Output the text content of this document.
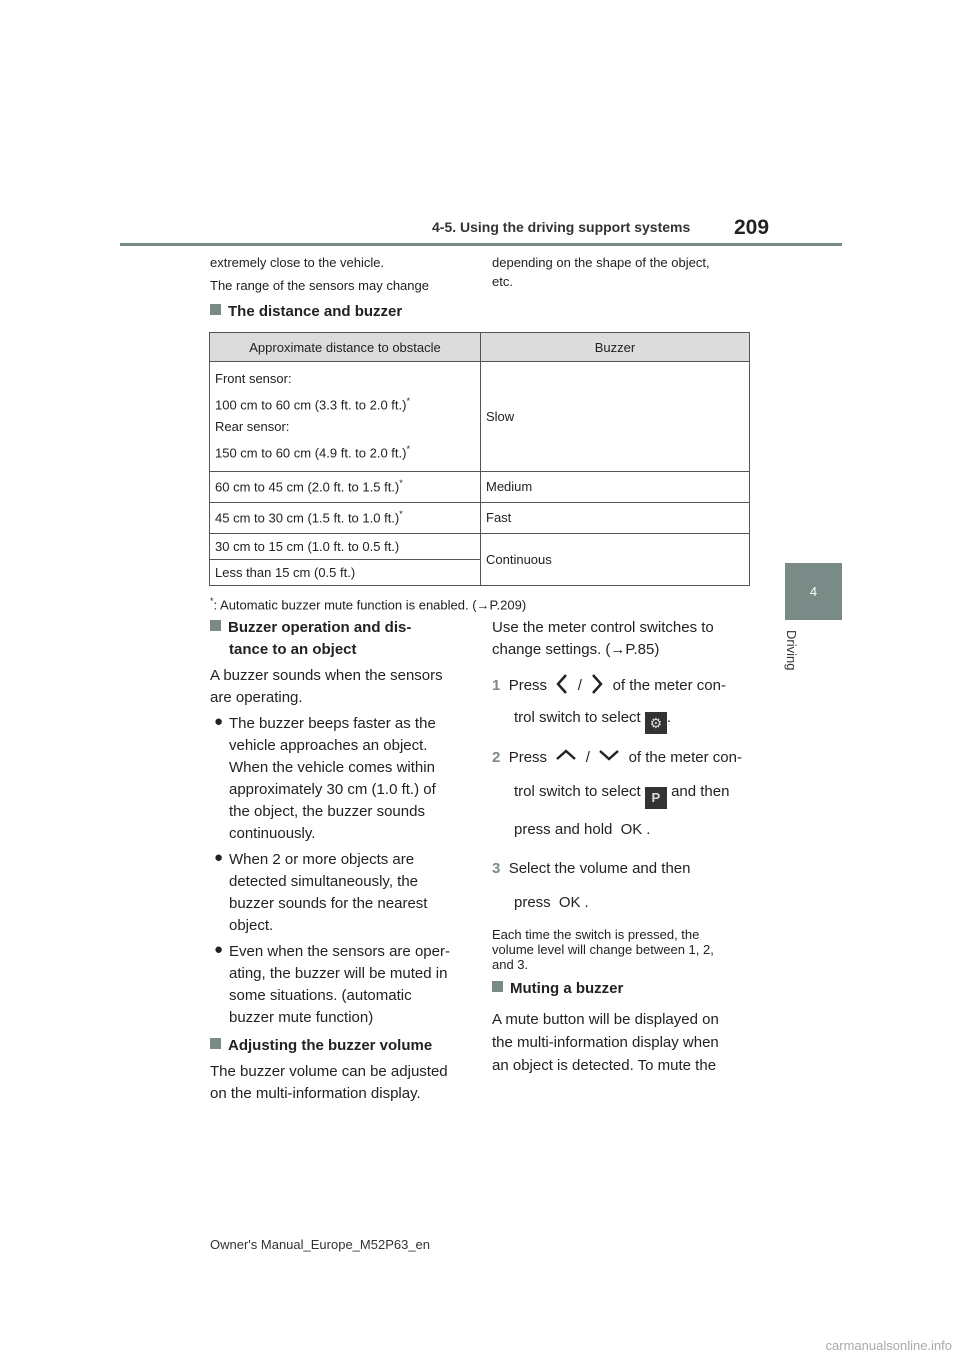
4-5. Using the driving support systems 209
4
Driving
extremely close to the vehicle.
The range of the sensors may change
depending on the shape of the object,
etc.
The distance and buzzer
Approximate distance to obstacle	Buzzer

Front sensor:

100 cm to 60 cm (3.3 ft. to 2.0 ft.)*

Rear sensor:

150 cm to 60 cm (4.9 ft. to 2.0 ft.)*	Slow
60 cm to 45 cm (2.0 ft. to 1.5 ft.)*	Medium
45 cm to 30 cm (1.5 ft. to 1.0 ft.)*	Fast
30 cm to 15 cm (1.0 ft. to 0.5 ft.)	Continuous
Less than 15 cm (0.5 ft.)	
*: Automatic buzzer mute function is enabled. (→P.209)
Buzzer operation and dis-
tance to an object
A buzzer sounds when the sensors
are operating.
● The buzzer beeps faster as the
vehicle approaches an object.
When the vehicle comes within
approximately 30 cm (1.0 ft.) of
the object, the buzzer sounds
continuously.
● When 2 or more objects are
detected simultaneously, the
buzzer sounds for the nearest
object.
● Even when the sensors are oper-
ating, the buzzer will be muted in
some situations. (automatic
buzzer mute function)
Adjusting the buzzer volume
The buzzer volume can be adjusted
on the multi-information display.
Use the meter control switches to
change settings. (→P.85)
1 Press / of the meter con-
trol switch to select ⚙ .
2 Press	/	of the meter con-
trol switch to select P and then
press and hold OK .
3 Select the volume and then
press OK .
Each time the switch is pressed, the
volume level will change between 1, 2,
and 3.
Muting a buzzer
A mute button will be displayed on
the multi-information display when
an object is detected. To mute the
Owner's Manual_Europe_M52P63_en
carmanualsonline.info
